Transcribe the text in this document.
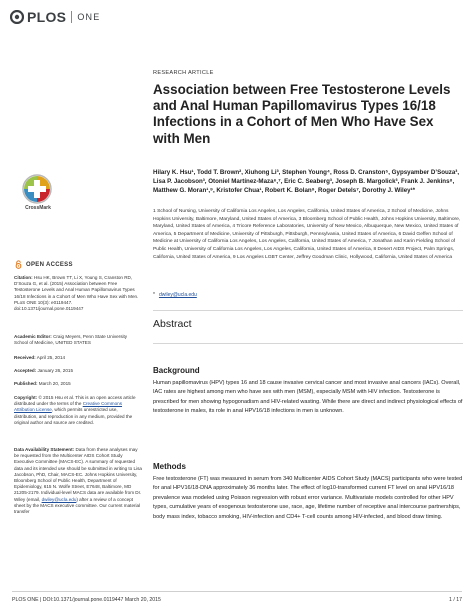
PLOS ONE
CrossMark
OPEN ACCESS
Citation: Hsu HK, Brown TT, Li X, Young S, Cranston RD, D’Souza G, et al. (2015) Association between Free Testosterone Levels and Anal Human Papillomavirus Types 16/18 Infections in a Cohort of Men Who Have Sex with Men. PLoS ONE 10(3): e0119447. doi:10.1371/journal.pone.0119447
Academic Editor: Craig Meyers, Penn State University School of Medicine, UNITED STATES
Received: April 25, 2014
Accepted: January 26, 2015
Published: March 20, 2015
Copyright: © 2015 Hsu et al. This is an open access article distributed under the terms of the Creative Commons Attribution License, which permits unrestricted use, distribution, and reproduction in any medium, provided the original author and source are credited.
Data Availability Statement: Data from these analyses may be requested from the Multicenter AIDS Cohort Study Executive Committee (MACS-EC). A summary of requested data and its intended use should be submitted in writing to Lisa Jacobson, PhD, Chair, MACS-EC. Johns Hopkins University, Bloomberg School of Public Health, Department of Epidemiology, 615 N. Wolfe Street, E7648, Baltimore, MD 21205-2179. Individual-level MACS data are available from Dr. Wiley (email, dwiley@ucla.edu) after a review of a concept sheet by the MACS executive committee. Our current material transfer
RESEARCH ARTICLE
Association between Free Testosterone Levels and Anal Human Papillomavirus Types 16/18 Infections in a Cohort of Men Who Have Sex with Men
Hilary K. Hsu¹, Todd T. Brown², Xiuhong Li³, Stephen Young⁴, Ross D. Cranston⁵, Gypsyamber D’Souza³, Lisa P. Jacobson³, Otoniel Martínez-Maza⁶,⁷, Eric C. Seaberg³, Joseph B. Margolick³, Frank J. Jenkins⁸, Matthew G. Moran¹,⁹, Kristofer Chua¹, Robert K. Bolan⁹, Roger Detels⁷, Dorothy J. Wiley¹*
1 School of Nursing, University of California Los Angeles, Los Angeles, California, United States of America, 2 School of Medicine, Johns Hopkins University, Baltimore, Maryland, United States of America, 3 Bloomberg School of Public Health, Johns Hopkins University, Baltimore, Maryland, United States of America, 4 Tricore Reference Laboratories, University of New Mexico, Albuquerque, New Mexico, United States of America, 5 Department of Medicine, University of Pittsburgh, Pittsburgh, Pennsylvania, United States of America, 6 David Geffen School of Medicine at University of California Los Angeles, Los Angeles, California, United States of America, 7 Jonathan and Karin Fielding School of Public Health, University of California Los Angeles, Los Angeles, California, United States of America, 8 Desert AIDS Project, Palm Springs, California, United States of America, 9 Los Angeles LGBT Center, Jeffrey Goodman Clinic, Hollywood, California, United States of America
* dwiley@ucla.edu
Abstract
Background
Human papillomavirus (HPV) types 16 and 18 cause invasive cervical cancer and most invasive anal cancers (IACs). Overall, IAC rates are highest among men who have sex with men (MSM), especially MSM with HIV infection. Testosterone is prescribed for men showing hypogonadism and HIV-related wasting. While there are direct and indirect physiological effects of testosterone in males, its role in anal HPV16/18 infections in men is unknown.
Methods
Free testosterone (FT) was measured in serum from 340 Multicenter AIDS Cohort Study (MACS) participants who were tested for anal HPV16/18-DNA approximately 36 months later. The effect of log10-transformed current FT level on anal HPV16/18 prevalence was modeled using Poisson regression with robust error variance. Multivariate models controlled for other HPV types, cumulative years of exogenous testosterone use, race, age, lifetime number of receptive anal intercourse partnerships, body mass index, tobacco smoking, HIV-infection and CD4+ T-cell counts among HIV-infected, and blood draw timing.
PLOS ONE | DOI:10.1371/journal.pone.0119447 March 20, 2015	1 / 17
